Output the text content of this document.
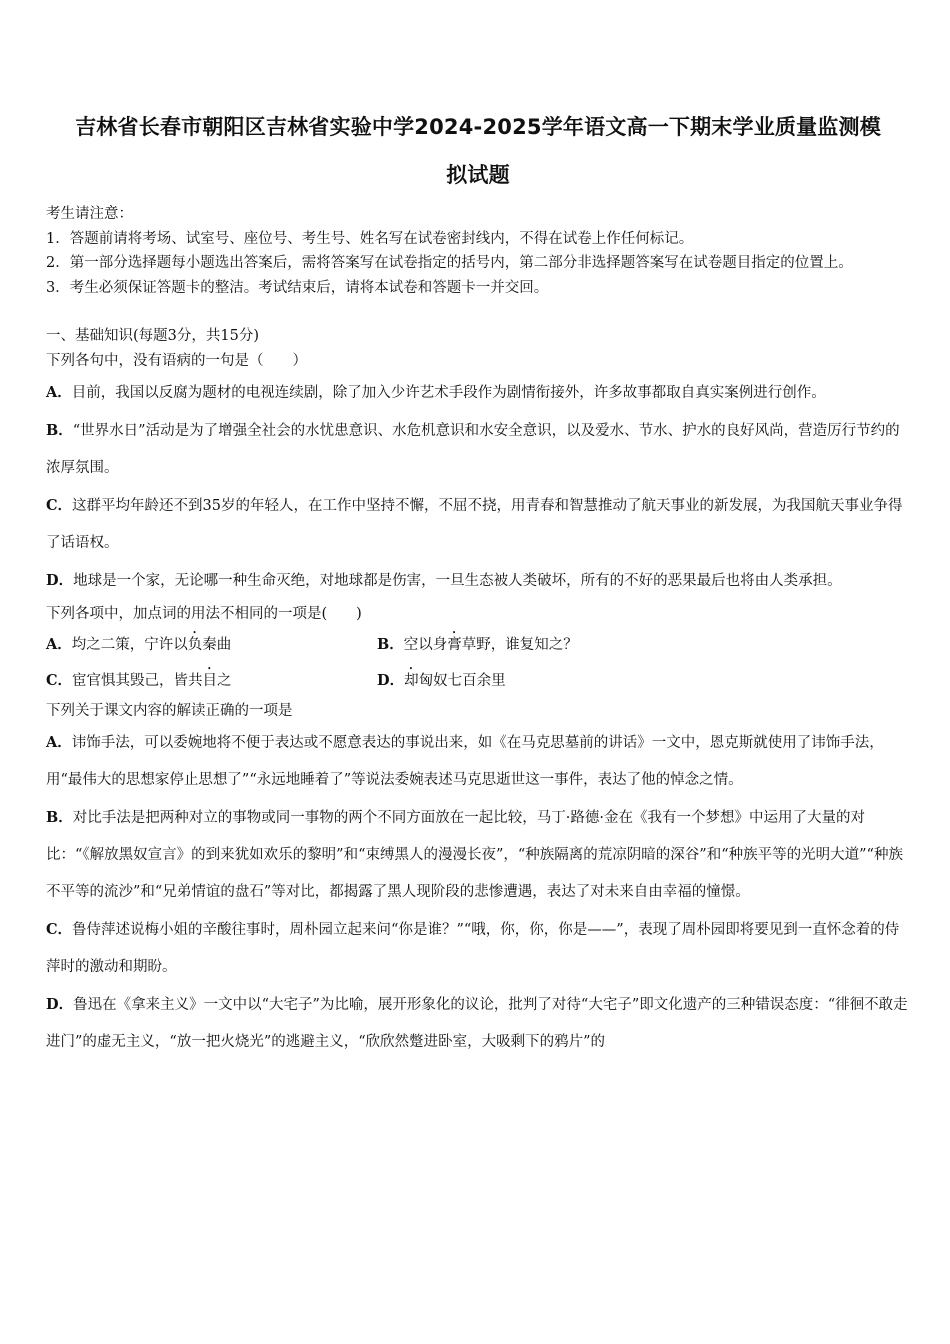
吉林省长春市朝阳区吉林省实验中学2024-2025学年语文高一下期末学业质量监测模
拟试题
考生请注意：
1．答题前请将考场、试室号、座位号、考生号、姓名写在试卷密封线内，不得在试卷上作任何标记。
2．第一部分选择题每小题选出答案后，需将答案写在试卷指定的括号内，第二部分非选择题答案写在试卷题目指定的位置上。
3．考生必须保证答题卡的整洁。考试结束后，请将本试卷和答题卡一并交回。
一、基础知识(每题3分，共15分)
下列各句中，没有语病的一句是（　　）
A．目前，我国以反腐为题材的电视连续剧，除了加入少许艺术手段作为剧情衔接外，许多故事都取自真实案例进行创作。
B．“世界水日”活动是为了增强全社会的水忧患意识、水危机意识和水安全意识，以及爱水、节水、护水的良好风尚，营造厉行节约的浓厚氛围。
C．这群平均年龄还不到35岁的年轻人，在工作中坚持不懈，不屈不挠，用青春和智慧推动了航天事业的新发展，为我国航天事业争得了话语权。
D．地球是一个家，无论哪一种生命灭绝，对地球都是伤害，一旦生态被人类破坏，所有的不好的恶果最后也将由人类承担。
下列各项中，加点词的用法不相同的一项是(　　)
A．均之二策，宁许以负秦曲	B．空以身膏草野，谁复知之？
C．宦官惧其毁己，皆共目之	D．却匈奴七百余里
下列关于课文内容的解读正确的一项是
A．讳饰手法，可以委婉地将不便于表达或不愿意表达的事说出来，如《在马克思墓前的讲话》一文中，恩克斯就使用了讳饰手法，用“最伟大的思想家停止思想了”“永远地睡着了”等说法委婉表述马克思逝世这一事件，表达了他的悼念之情。
B．对比手法是把两种对立的事物或同一事物的两个不同方面放在一起比较，马丁·路德·金在《我有一个梦想》中运用了大量的对比：“《解放黑奴宣言》的到来犹如欢乐的黎明”和“束缚黑人的漫漫长夜”，“种族隔离的荒凉阴暗的深谷”和“种族平等的光明大道”“种族不平等的流沙”和“兄弟情谊的盘石”等对比，都揭露了黑人现阶段的悲惨遭遇，表达了对未来自由幸福的憧憬。
C．鲁侍萍述说梅小姐的辛酸往事时，周朴园立起来问“你是谁？”“哦，你，你，你是——”，表现了周朴园即将要见到一直怀念着的侍萍时的激动和期盼。
D．鲁迅在《拿来主义》一文中以“大宅子”为比喻，展开形象化的议论，批判了对待“大宅子”即文化遗产的三种错误态度：“徘徊不敢走进门”的虚无主义，“放一把火烧光”的逃避主义，“欣欣然蹩进卧室，大吸剩下的鸦片”的
